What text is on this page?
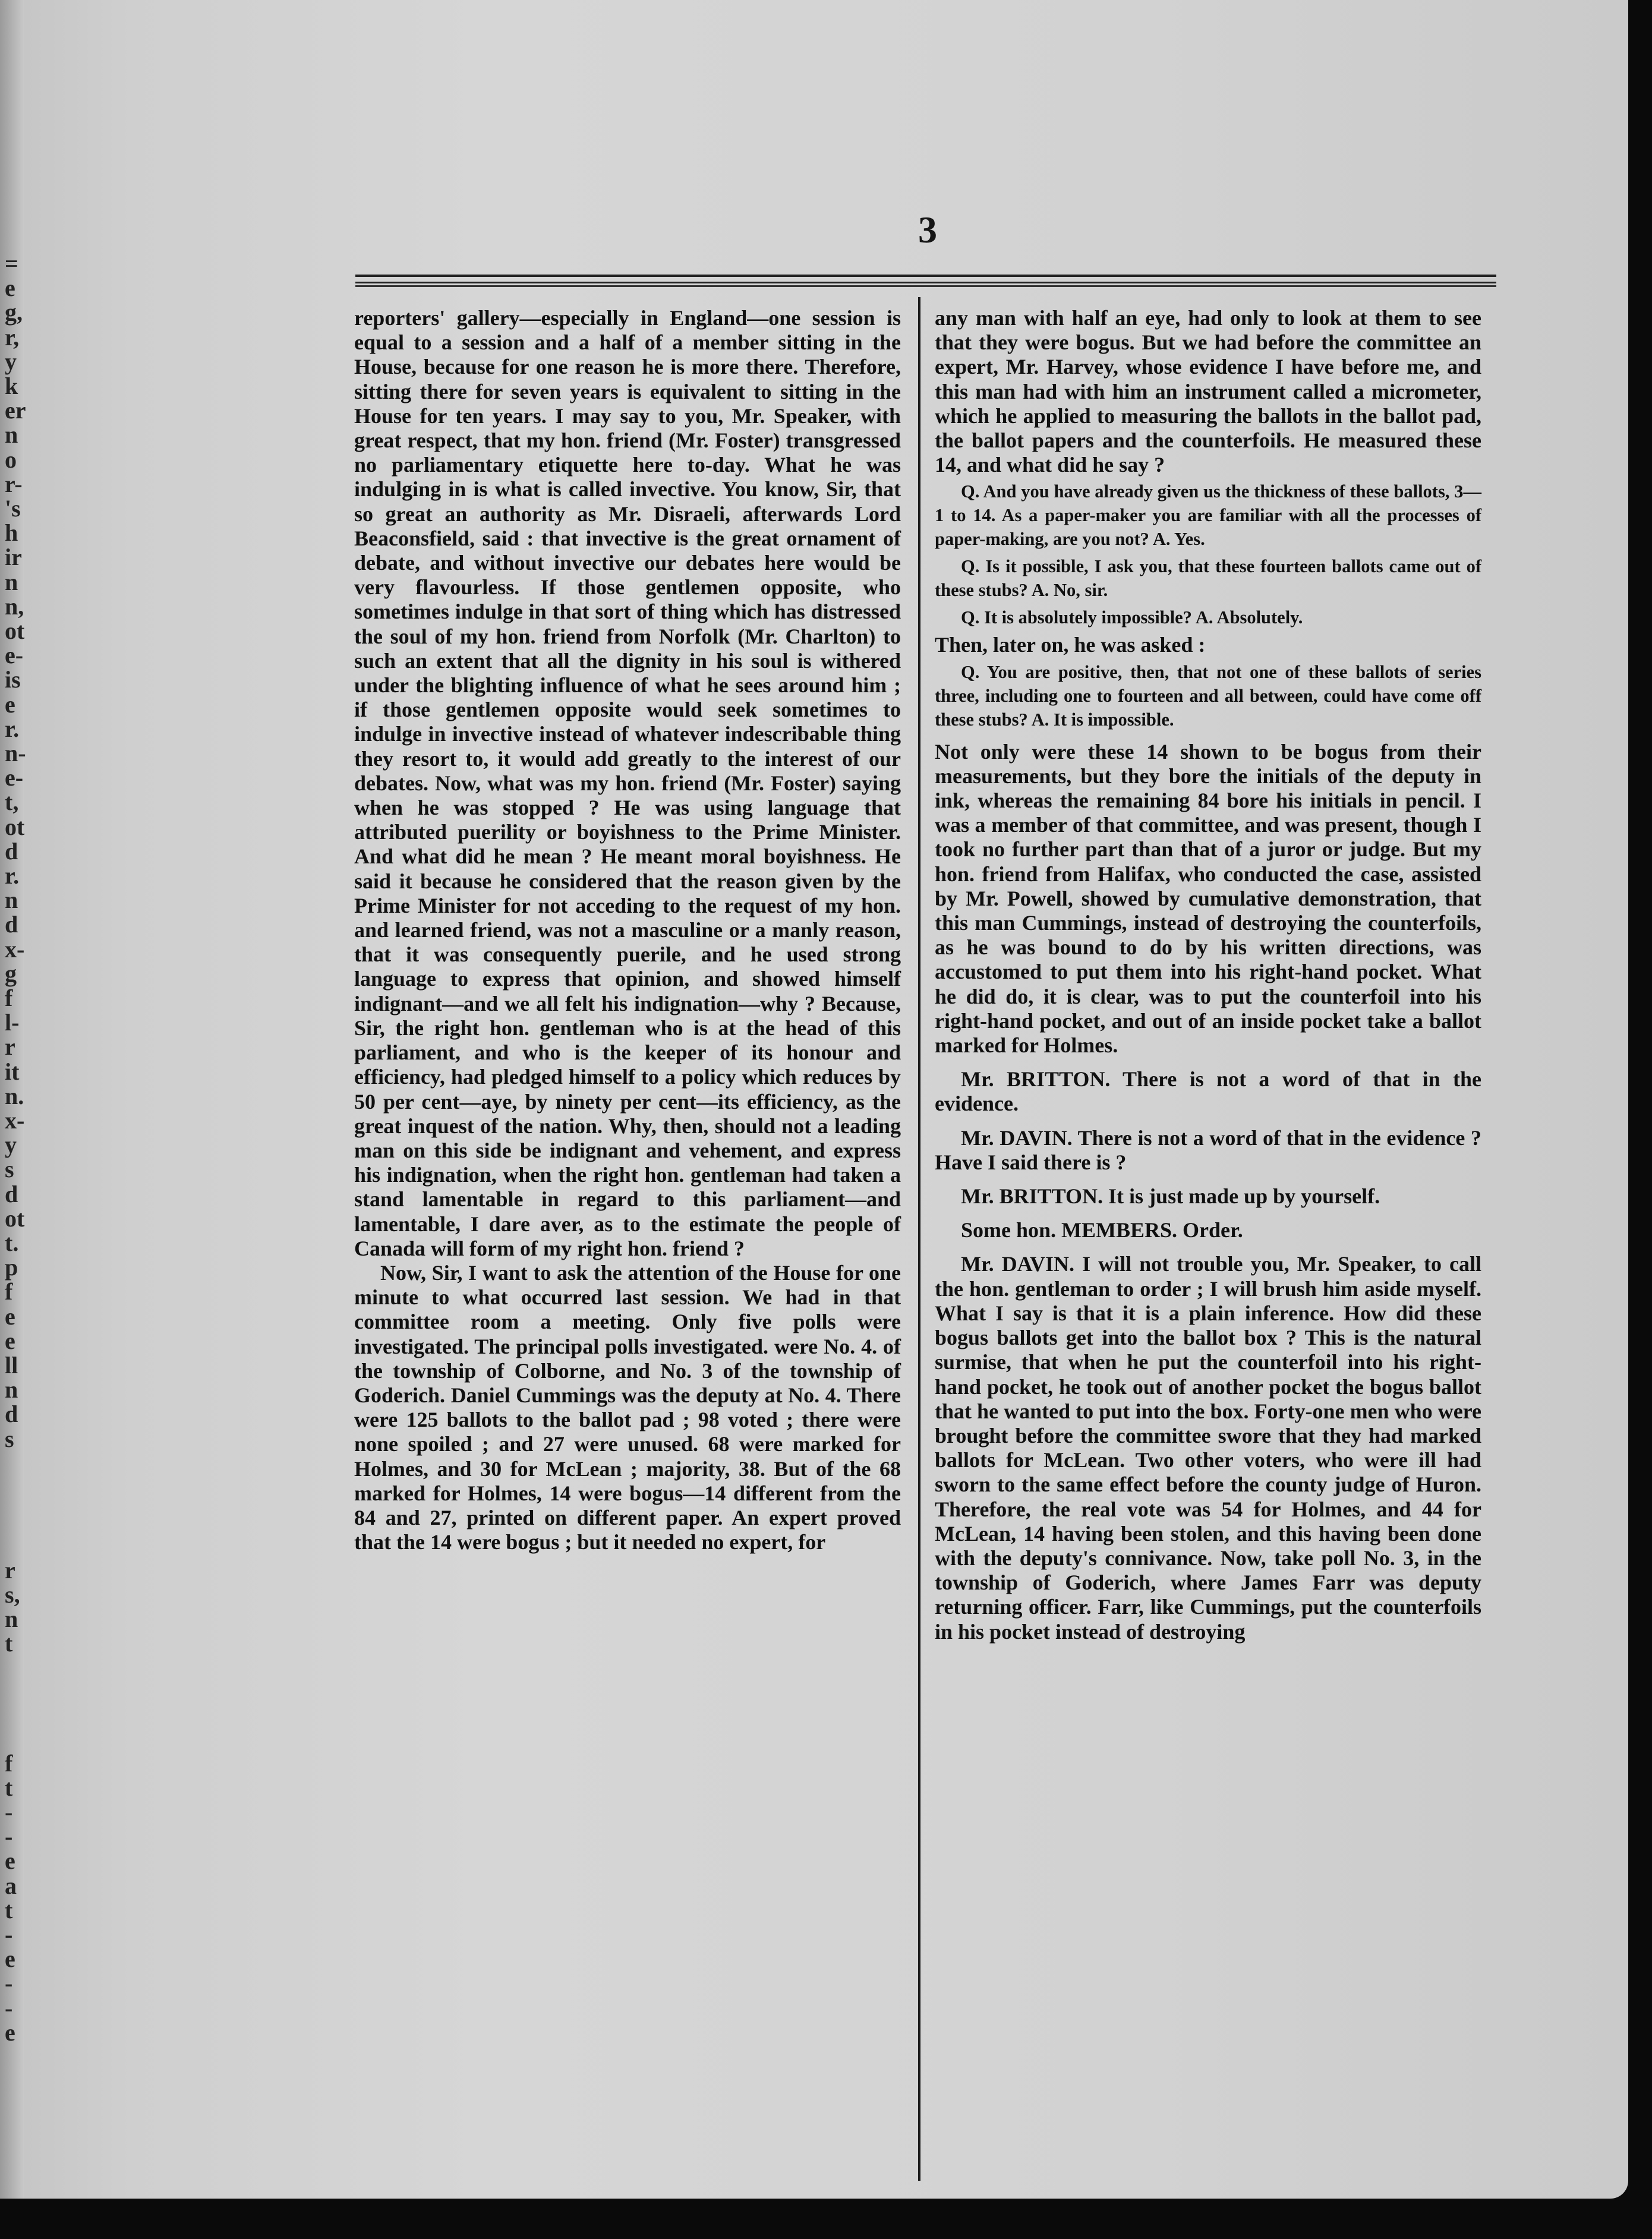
=
e
g,
r,
y
k
er
n
o
r-
's
h
ir
n
n,
ot
e-
is
e
r.
n-
e-
t,
ot
d
r.
n
d
x-
g
f
l-
r
it
n.
x-
y
s
d
ot
t.
p
f
e
e
ll
n
d
s
r
s,
n
t
f
t
-
-
e
a
t
-
e
-
-
e
3

reporters' gallery—especially in England—one session is equal to a session and a half of a member sitting in the House, because for one reason he is more there. Therefore, sitting there for seven years is equivalent to sitting in the House for ten years. I may say to you, Mr. Speaker, with great respect, that my hon. friend (Mr. Foster) transgressed no parliamentary etiquette here to-day. What he was indulging in is what is called invective. You know, Sir, that so great an authority as Mr. Disraeli, afterwards Lord Beaconsfield, said : that invective is the great ornament of debate, and without invective our debates here would be very flavourless. If those gentlemen opposite, who sometimes indulge in that sort of thing which has distressed the soul of my hon. friend from Norfolk (Mr. Charlton) to such an extent that all the dignity in his soul is withered under the blighting influence of what he sees around him ; if those gentlemen opposite would seek sometimes to indulge in invective instead of whatever indescribable thing they resort to, it would add greatly to the interest of our debates. Now, what was my hon. friend (Mr. Foster) saying when he was stopped ? He was using language that attributed puerility or boyishness to the Prime Minister. And what did he mean ? He meant moral boyishness. He said it because he considered that the reason given by the Prime Minister for not acceding to the request of my hon. and learned friend, was not a masculine or a manly reason, that it was consequently puerile, and he used strong language to express that opinion, and showed himself indignant—and we all felt his indignation—why ? Because, Sir, the right hon. gentleman who is at the head of this parliament, and who is the keeper of its honour and efficiency, had pledged himself to a policy which reduces by 50 per cent—aye, by ninety per cent—its efficiency, as the great inquest of the nation. Why, then, should not a leading man on this side be indignant and vehement, and express his indignation, when the right hon. gentleman had taken a stand lamentable in regard to this parliament—and lamentable, I dare aver, as to the estimate the people of Canada will form of my right hon. friend ?

Now, Sir, I want to ask the attention of the House for one minute to what occurred last session. We had in that committee room a meeting. Only five polls were investigated. The principal polls investigated. were No. 4. of the township of Colborne, and No. 3 of the township of Goderich. Daniel Cummings was the deputy at No. 4. There were 125 ballots to the ballot pad ; 98 voted ; there were none spoiled ; and 27 were unused. 68 were marked for Holmes, and 30 for McLean ; majority, 38. But of the 68 marked for Holmes, 14 were bogus—14 different from the 84 and 27, printed on different paper. An expert proved that the 14 were bogus ; but it needed no expert, for

any man with half an eye, had only to look at them to see that they were bogus. But we had before the committee an expert, Mr. Harvey, whose evidence I have before me, and this man had with him an instrument called a micrometer, which he applied to measuring the ballots in the ballot pad, the ballot papers and the counterfoils. He measured these 14, and what did he say ?

Q. And you have already given us the thickness of these ballots, 3—1 to 14. As a paper-maker you are familiar with all the processes of paper-making, are you not? A. Yes.

Q. Is it possible, I ask you, that these fourteen ballots came out of these stubs? A. No, sir.

Q. It is absolutely impossible? A. Absolutely.

Then, later on, he was asked :

Q. You are positive, then, that not one of these ballots of series three, including one to fourteen and all between, could have come off these stubs? A. It is impossible.

Not only were these 14 shown to be bogus from their measurements, but they bore the initials of the deputy in ink, whereas the remaining 84 bore his initials in pencil. I was a member of that committee, and was present, though I took no further part than that of a juror or judge. But my hon. friend from Halifax, who conducted the case, assisted by Mr. Powell, showed by cumulative demonstration, that this man Cummings, instead of destroying the counterfoils, as he was bound to do by his written directions, was accustomed to put them into his right-hand pocket. What he did do, it is clear, was to put the counterfoil into his right-hand pocket, and out of an inside pocket take a ballot marked for Holmes.

Mr. BRITTON. There is not a word of that in the evidence.

Mr. DAVIN. There is not a word of that in the evidence ? Have I said there is ?

Mr. BRITTON. It is just made up by yourself.

Some hon. MEMBERS. Order.

Mr. DAVIN. I will not trouble you, Mr. Speaker, to call the hon. gentleman to order ; I will brush him aside myself. What I say is that it is a plain inference. How did these bogus ballots get into the ballot box ? This is the natural surmise, that when he put the counterfoil into his right-hand pocket, he took out of another pocket the bogus ballot that he wanted to put into the box. Forty-one men who were brought before the committee swore that they had marked ballots for McLean. Two other voters, who were ill had sworn to the same effect before the county judge of Huron. Therefore, the real vote was 54 for Holmes, and 44 for McLean, 14 having been stolen, and this having been done with the deputy's connivance. Now, take poll No. 3, in the township of Goderich, where James Farr was deputy returning officer. Farr, like Cummings, put the counterfoils in his pocket instead of destroying
